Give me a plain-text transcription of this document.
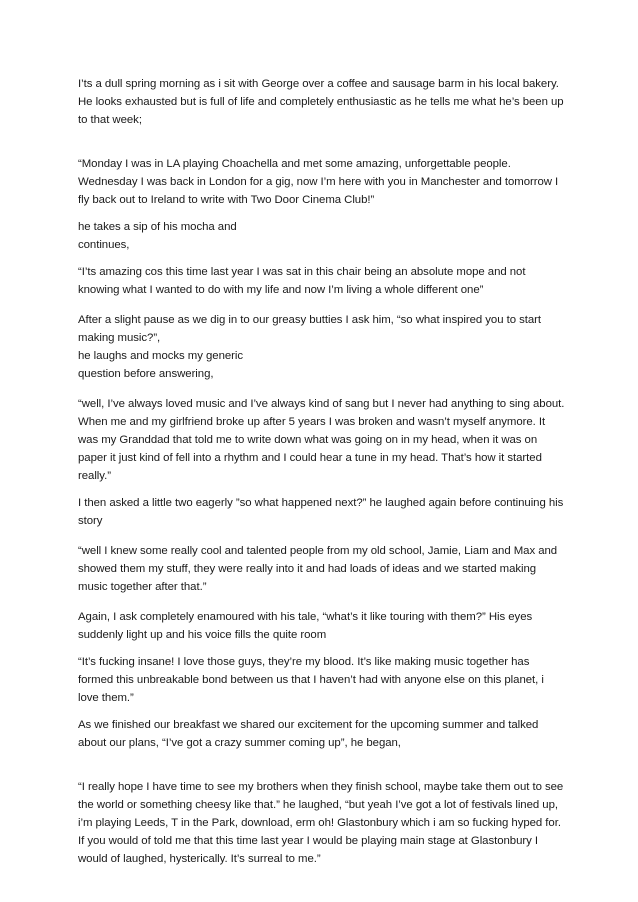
I’ts a dull spring morning as i sit with George over a coffee and sausage barm in his local bakery. He looks exhausted but is full of life and completely enthusiastic as he tells me what he’s been up to that week;

“Monday I was in LA playing Choachella and met some amazing, unforgettable people. Wednesday I was back in London for a gig, now I’m here with you in Manchester and tomorrow I fly back out to Ireland to write with Two Door Cinema Club!”

he takes a sip of his mocha and
continues,

“I’ts amazing cos this time last year I was sat in this chair being an absolute mope and not knowing what I wanted to do with my life and now I’m living a whole different one”

After a slight pause as we dig in to our greasy butties I ask him, “so what inspired you to start making music?”,
he laughs and mocks my generic
question before answering,

“well, I’ve always loved music and I’ve always kind of sang but I never had anything to sing about. When me and my girlfriend broke up after 5 years I was broken and wasn’t myself anymore. It was my Granddad that told me to write down what was going on in my head, when it was on paper it just kind of fell into a rhythm and I could hear a tune in my head. That’s how it started really.”

I then asked a little two eagerly ”so what happened next?” he laughed again before continuing his story

“well I knew some really cool and talented people from my old school, Jamie, Liam and Max and showed them my stuff, they were really into it and had loads of ideas and we started making music together after that.”

Again, I ask completely enamoured with his tale, “what’s it like touring with them?” His eyes suddenly light up and his voice fills the quite room

“It’s fucking insane! I love those guys, they’re my blood. It’s like making music together has formed this unbreakable bond between us that I haven’t had with anyone else on this planet, i love them.”

As we finished our breakfast we shared our excitement for the upcoming summer and talked about our plans, “I’ve got a crazy summer coming up”, he began,

“I really hope I have time to see my brothers when they finish school, maybe take them out to see the world or something cheesy like that.” he laughed, “but yeah I’ve got a lot of festivals lined up, i’m playing Leeds, T in the Park, download, erm oh! Glastonbury which i am so fucking hyped for. If you would of told me that this time last year I would be playing main stage at Glastonbury I would of laughed, hysterically. It’s surreal to me.”
